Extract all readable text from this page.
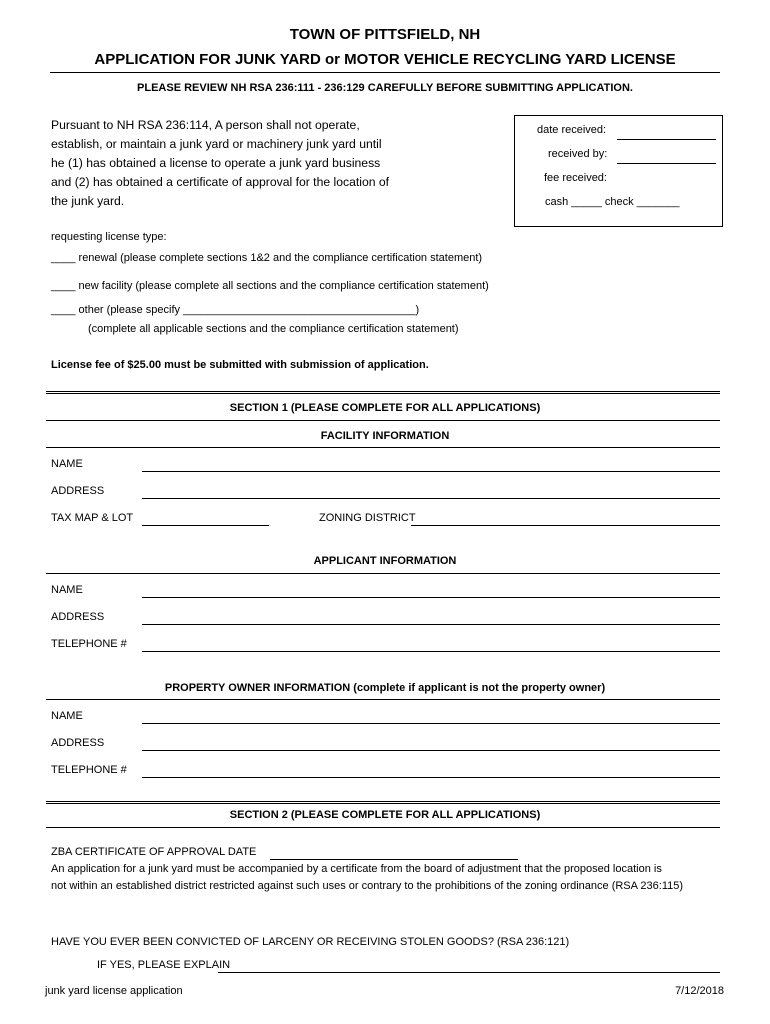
TOWN OF PITTSFIELD, NH
APPLICATION FOR JUNK YARD or MOTOR VEHICLE RECYCLING YARD LICENSE
PLEASE REVIEW NH RSA 236:111 - 236:129 CAREFULLY BEFORE SUBMITTING APPLICATION.
Pursuant to NH RSA 236:114, A person shall not operate,
establish, or maintain a junk yard or machinery junk yard until
he (1) has obtained a license to operate a junk yard business
and (2) has obtained a certificate of approval for the location of
the junk yard.
date received:
received by:
fee received:
cash _____ check _______
requesting license type:
____ renewal (please complete sections 1&2 and the compliance certification statement)
____ new facility (please complete all sections and the compliance certification statement)
____ other (please specify ______________________________________)
(complete all applicable sections and the compliance certification statement)
License fee of $25.00 must be submitted with submission of application.
SECTION 1 (PLEASE COMPLETE FOR ALL APPLICATIONS)
FACILITY INFORMATION
NAME
ADDRESS
TAX MAP & LOT	ZONING DISTRICT
APPLICANT INFORMATION
NAME
ADDRESS
TELEPHONE #
PROPERTY OWNER INFORMATION (complete if applicant is not the property owner)
NAME
ADDRESS
TELEPHONE #
SECTION 2 (PLEASE COMPLETE FOR ALL APPLICATIONS)
ZBA CERTIFICATE OF APPROVAL DATE
An application for a junk yard must be accompanied by a certificate from the board of adjustment that the proposed location is
not within an established district restricted against such uses or contrary to the prohibitions of the zoning ordinance (RSA 236:115)
HAVE YOU EVER BEEN CONVICTED OF LARCENY OR RECEIVING STOLEN GOODS? (RSA 236:121)
IF YES, PLEASE EXPLAIN
junk yard license application	7/12/2018
